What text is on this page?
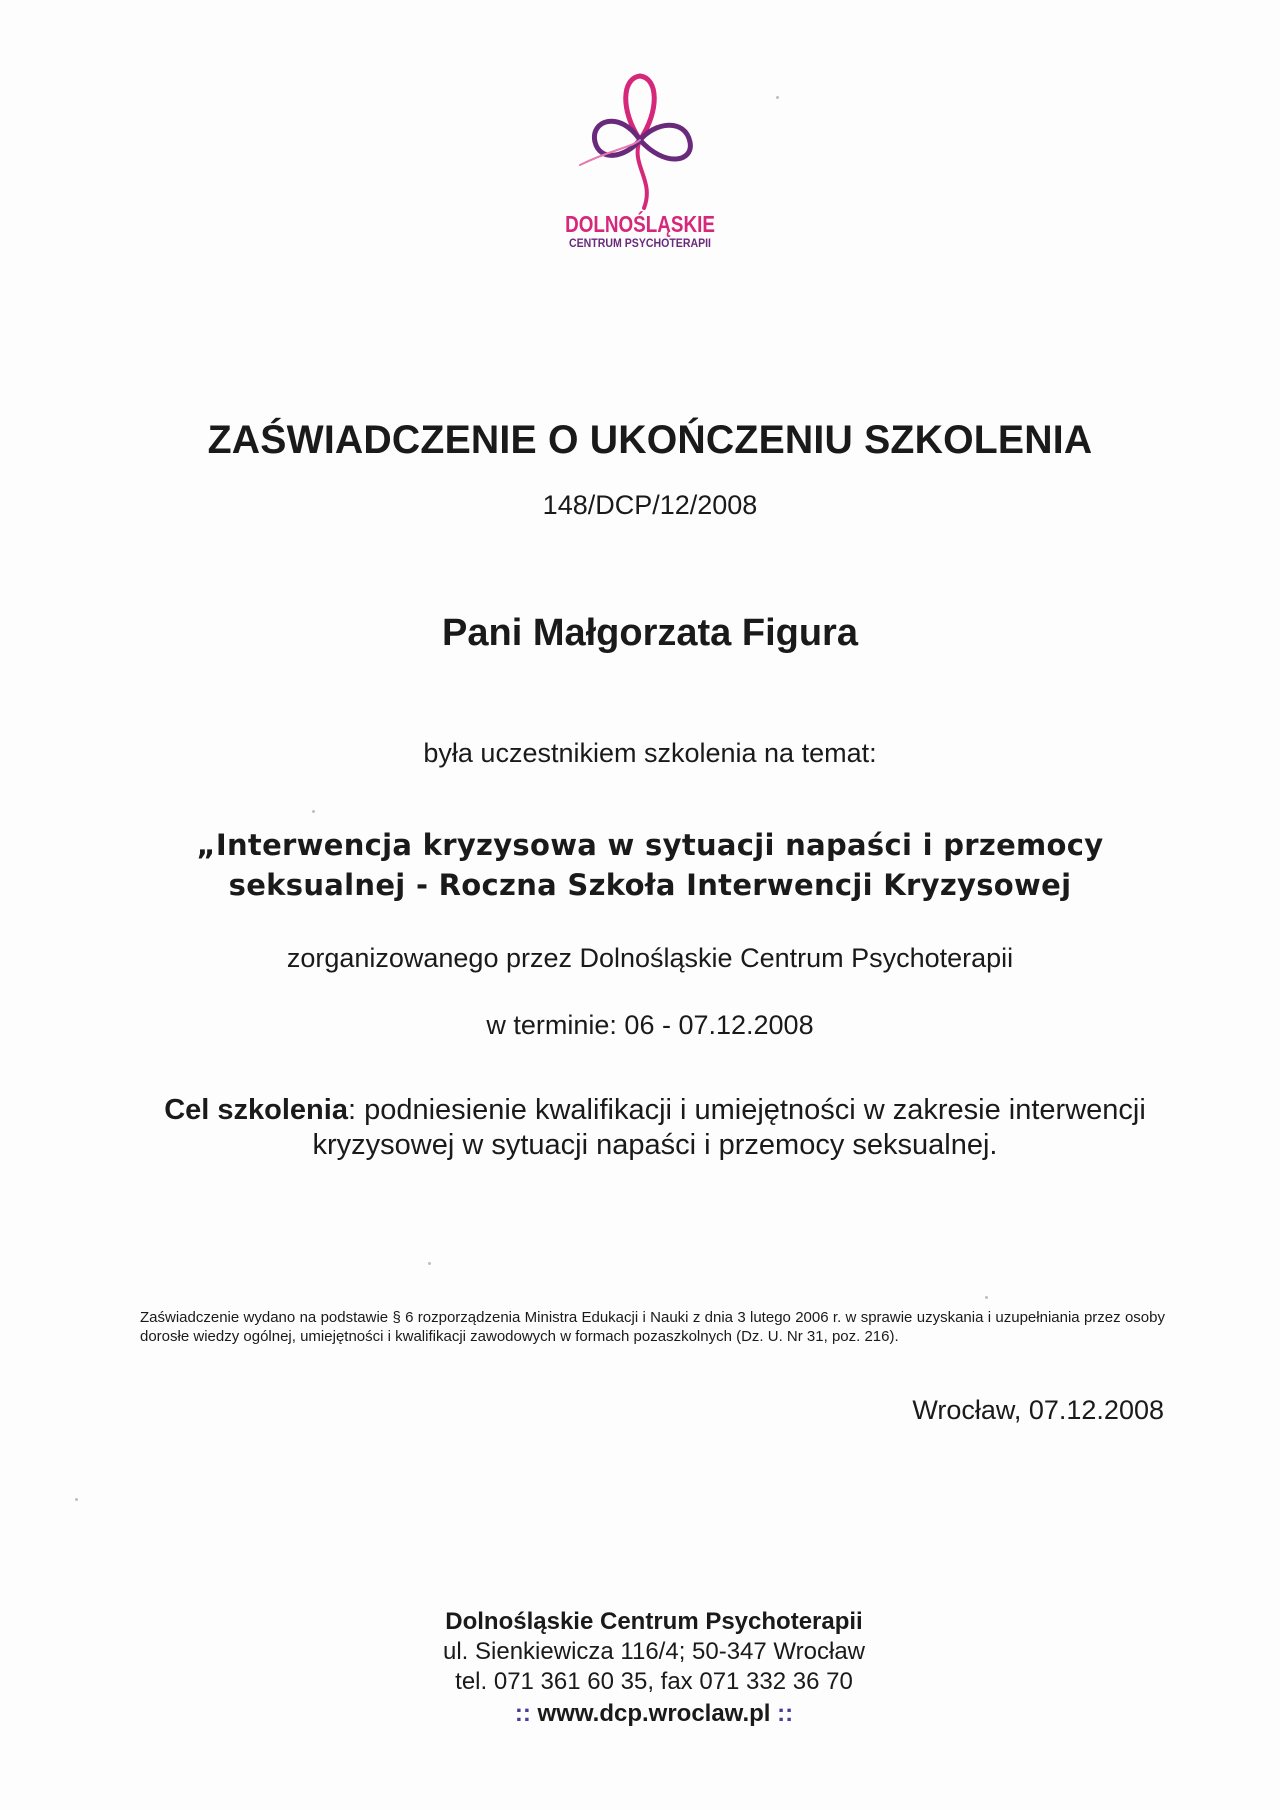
DOLNOŚLĄSKIE
CENTRUM PSYCHOTERAPII
ZAŚWIADCZENIE O UKOŃCZENIU SZKOLENIA
148/DCP/12/2008
Pani Małgorzata Figura
była uczestnikiem szkolenia na temat:
„Interwencja kryzysowa w sytuacji napaści i przemocy
seksualnej - Roczna Szkoła Interwencji Kryzysowej
zorganizowanego przez Dolnośląskie Centrum Psychoterapii
w terminie: 06 - 07.12.2008
Cel szkolenia: podniesienie kwalifikacji i umiejętności w zakresie interwencji kryzysowej w sytuacji napaści i przemocy seksualnej.
Zaświadczenie wydano na podstawie § 6 rozporządzenia Ministra Edukacji i Nauki z dnia 3 lutego 2006 r. w sprawie uzyskania i uzupełniania przez osoby dorosłe wiedzy ogólnej, umiejętności i kwalifikacji zawodowych w formach pozaszkolnych (Dz. U. Nr 31, poz. 216).
Wrocław, 07.12.2008
Dolnośląskie Centrum Psychoterapii
ul. Sienkiewicza 116/4; 50-347 Wrocław
tel. 071 361 60 35, fax 071 332 36 70
:: www.dcp.wroclaw.pl ::
